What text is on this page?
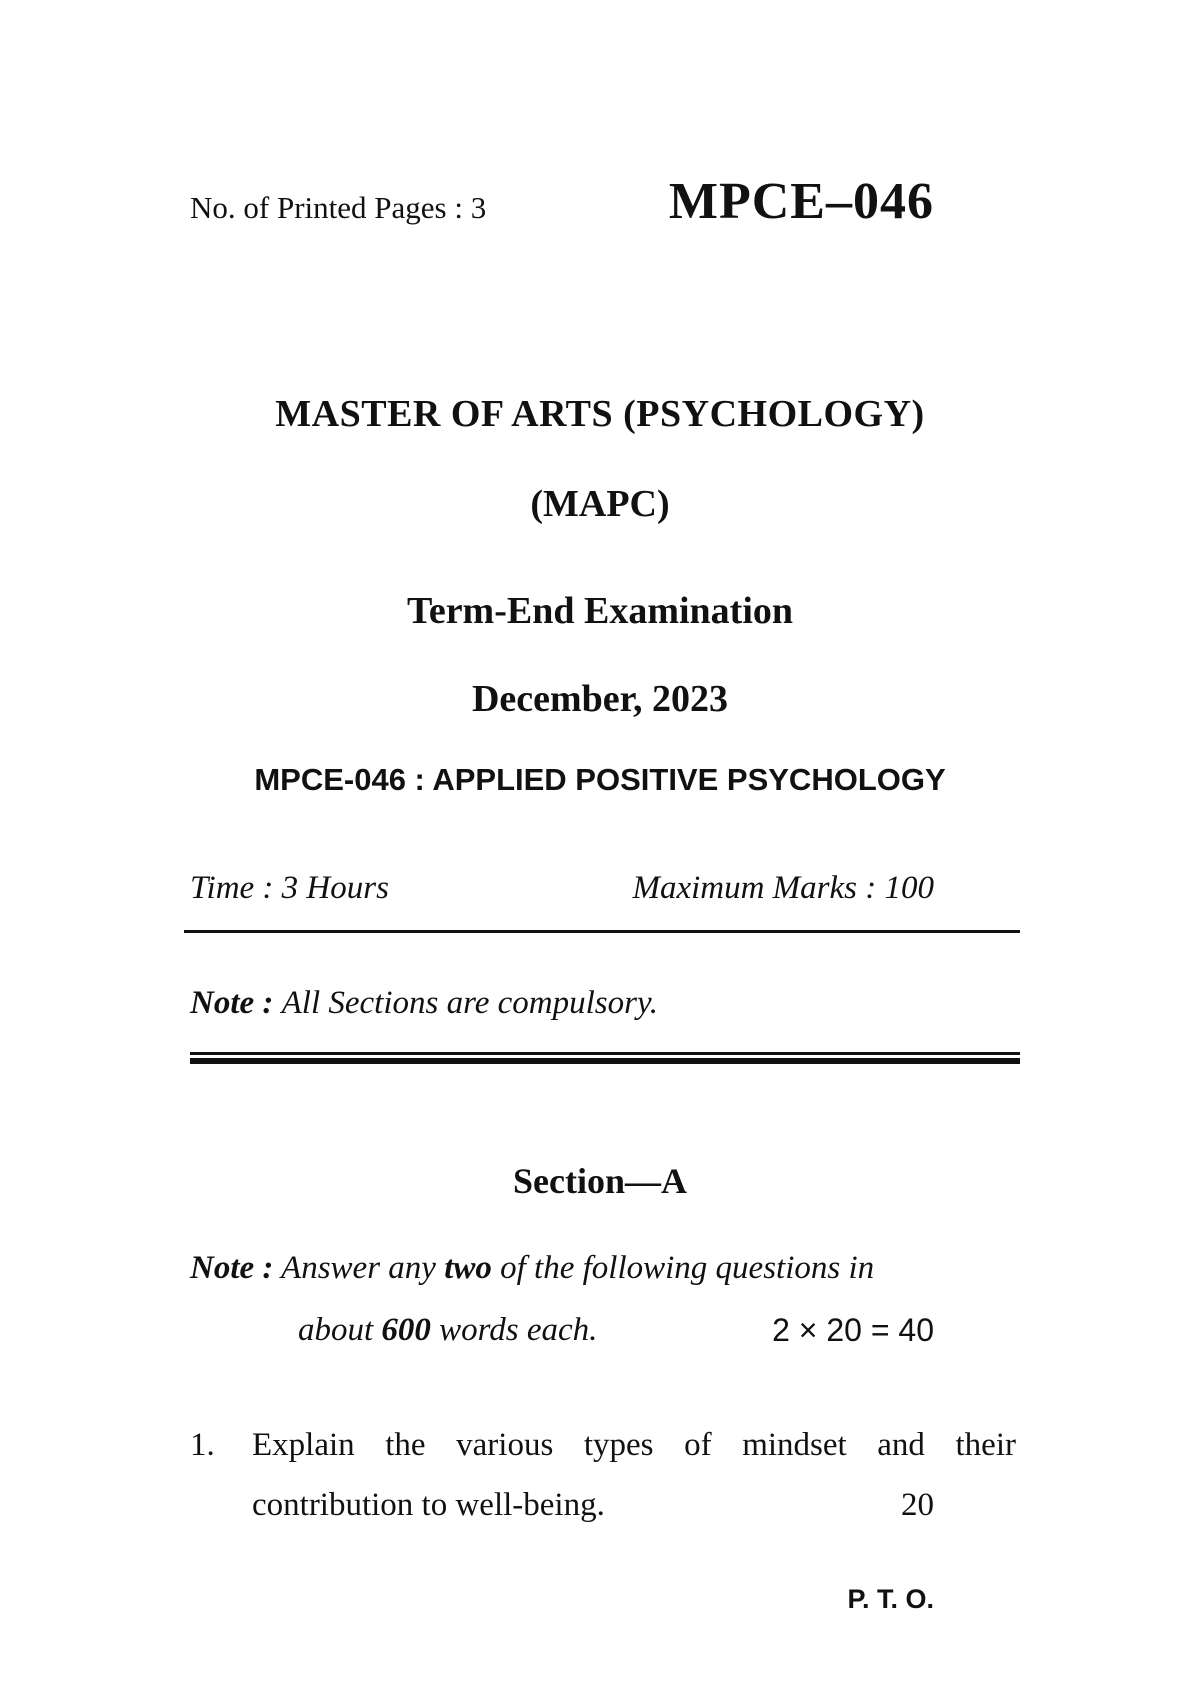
No. of Printed Pages : 3	MPCE–046
MASTER OF ARTS (PSYCHOLOGY)
(MAPC)
Term-End Examination
December, 2023
MPCE-046 : APPLIED POSITIVE PSYCHOLOGY
Time : 3 Hours	Maximum Marks : 100
Note : All Sections are compulsory.
Section—A
Note : Answer any two of the following questions in
about 600 words each.	2 × 20 = 40
1. Explain the various types of mindset and their
contribution to well-being.	20
P. T. O.
